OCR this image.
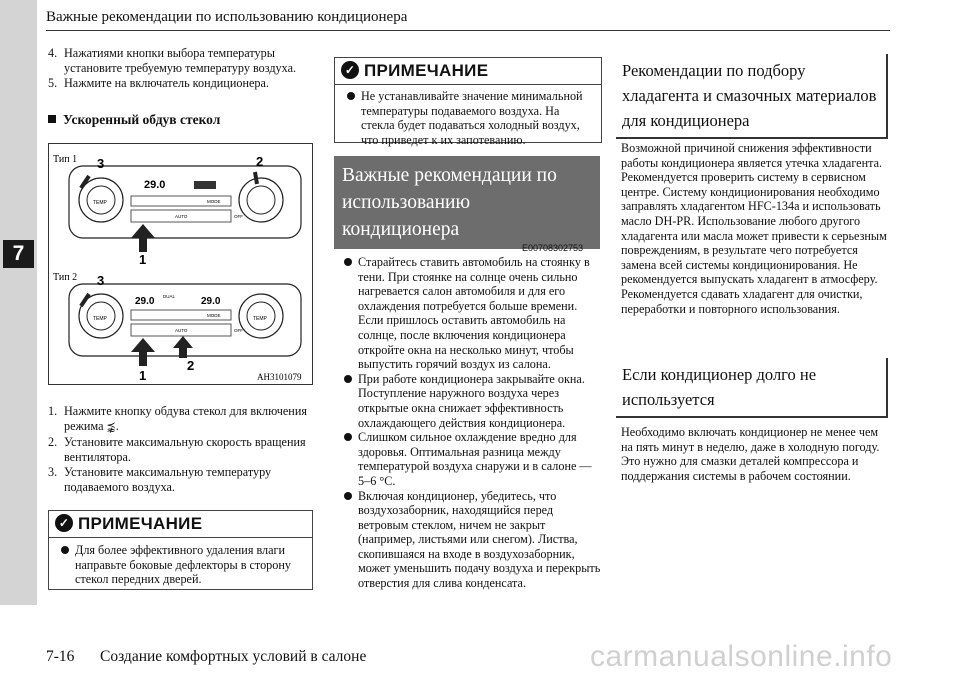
7
Важные рекомендации по использованию кондиционера
4. Нажатиями кнопки выбора температуры установите требуемую температуру воздуха.
5. Нажмите на включатель кондиционера.
Ускоренный обдув стекол
Тип 1
TEMP
29.0
MODE
AUTO	OFF
3	2
1
Тип 2
TEMP	TEMP
29.0 DUAL	29.0
MODE
AUTO	OFF
3
1
2
AH3101079
1. Нажмите кнопку обдува стекол для включения режима ⪹.
2. Установите максимальную скорость вращения вентилятора.
3. Установите максимальную температуру подаваемого воздуха.
✓ ПРИМЕЧАНИЕ
Для более эффективного удаления влаги направьте боковые дефлекторы в сторону стекол передних дверей.
✓ ПРИМЕЧАНИЕ
Не устанавливайте значение минимальной температуры подаваемого воздуха. На стекла будет подаваться холодный воздух, что приведет к их запотеванию.
Важные рекомендации по использованию кондиционера
E00708302753
Старайтесь ставить автомобиль на стоянку в тени. При стоянке на солнце очень сильно нагревается салон автомобиля и для его охлаждения потребуется больше времени. Если пришлось оставить автомобиль на солнце, после включения кондиционера откройте окна на несколько минут, чтобы выпустить горячий воздух из салона.
При работе кондиционера закрывайте окна. Поступление наружного воздуха через открытые окна снижает эффективность охлаждающего действия кондиционера.
Слишком сильное охлаждение вредно для здоровья. Оптимальная разница между температурой воздуха снаружи и в салоне — 5–6 °C.
Включая кондиционер, убедитесь, что воздухозаборник, находящийся перед ветровым стеклом, ничем не закрыт (например, листьями или снегом). Листва, скопившаяся на входе в воздухозаборник, может уменьшить подачу воздуха и перекрыть отверстия для слива конденсата.
Рекомендации по подбору хладагента и смазочных материалов для кондиционера
Возможной причиной снижения эффективности работы кондиционера является утечка хладагента. Рекомендуется проверить систему в сервисном центре. Систему кондиционирования необходимо заправлять хладагентом HFC-134a и использовать масло DH-PR. Использование любого другого хладагента или масла может привести к серьезным повреждениям, в результате чего потребуется замена всей системы кондиционирования. Не рекомендуется выпускать хладагент в атмосферу. Рекомендуется сдавать хладагент для очистки, переработки и повторного использования.
Если кондиционер долго не используется
Необходимо включать кондиционер не менее чем на пять минут в неделю, даже в холодную погоду. Это нужно для смазки деталей компрессора и поддержания системы в рабочем состоянии.
7-16 Создание комфортных условий в салоне	carmanualsonline.info
